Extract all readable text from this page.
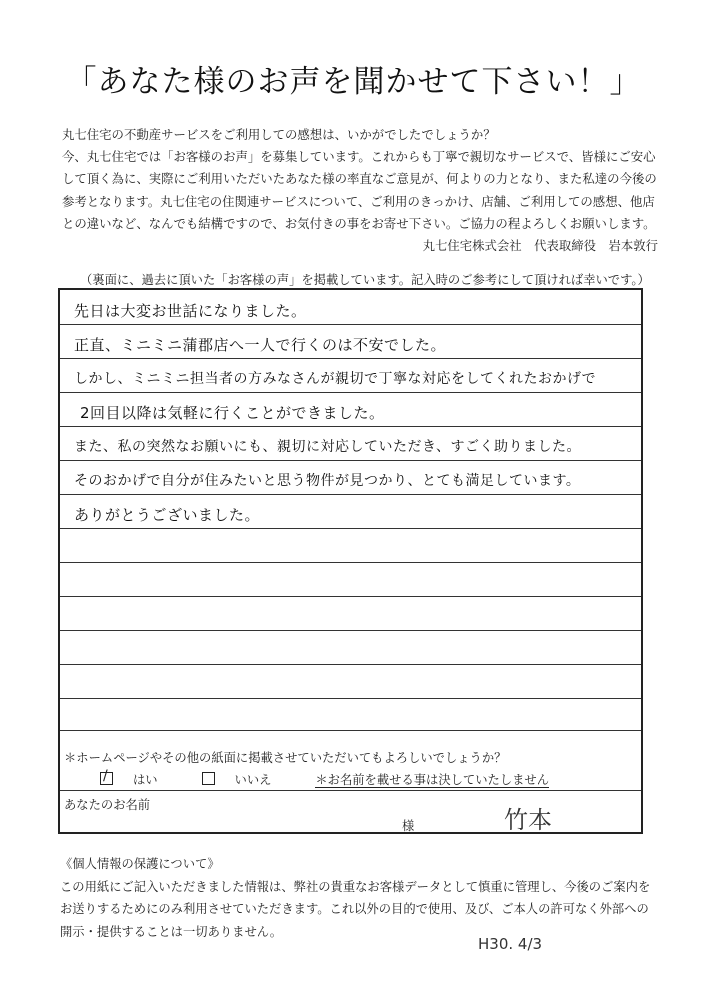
「あなた様のお声を聞かせて下さい！」

丸七住宅の不動産サービスをご利用しての感想は、いかがでしたでしょうか？

今、丸七住宅では「お客様のお声」を募集しています。これからも丁寧で親切なサービスで、皆様にご安心

して頂く為に、実際にご利用いただいたあなた様の率直なご意見が、何よりの力となり、また私達の今後の

参考となります。丸七住宅の住関連サービスについて、ご利用のきっかけ、店舗、ご利用しての感想、他店

との違いなど、なんでも結構ですので、お気付きの事をお寄せ下さい。ご協力の程よろしくお願いします。

丸七住宅株式会社　代表取締役　岩本敦行

（裏面に、過去に頂いた「お客様の声」を掲載しています。記入時のご参考にして頂ければ幸いです。）
先日は大変お世話になりました。
正直、ミニミニ蒲郡店へ一人で行くのは不安でした。
しかし、ミニミニ担当者の方みなさんが親切で丁寧な対応をしてくれたおかげで
2回目以降は気軽に行くことができました。
また、私の突然なお願いにも、親切に対応していただき、すごく助りました。
そのおかげで自分が住みたいと思う物件が見つかり、とても満足しています。
ありがとうございました。
＊ホームページやその他の紙面に掲載させていただいてもよろしいでしょうか？
/はい	いいえ	＊お名前を載せる事は決していたしません
あなたのお名前
様	竹本

《個人情報の保護について》

この用紙にご記入いただきました情報は、弊社の貴重なお客様データとして慎重に管理し、今後のご案内を

お送りするためにのみ利用させていただきます。これ以外の目的で使用、及び、ご本人の許可なく外部への

開示・提供することは一切ありません。

H30. 4/3
